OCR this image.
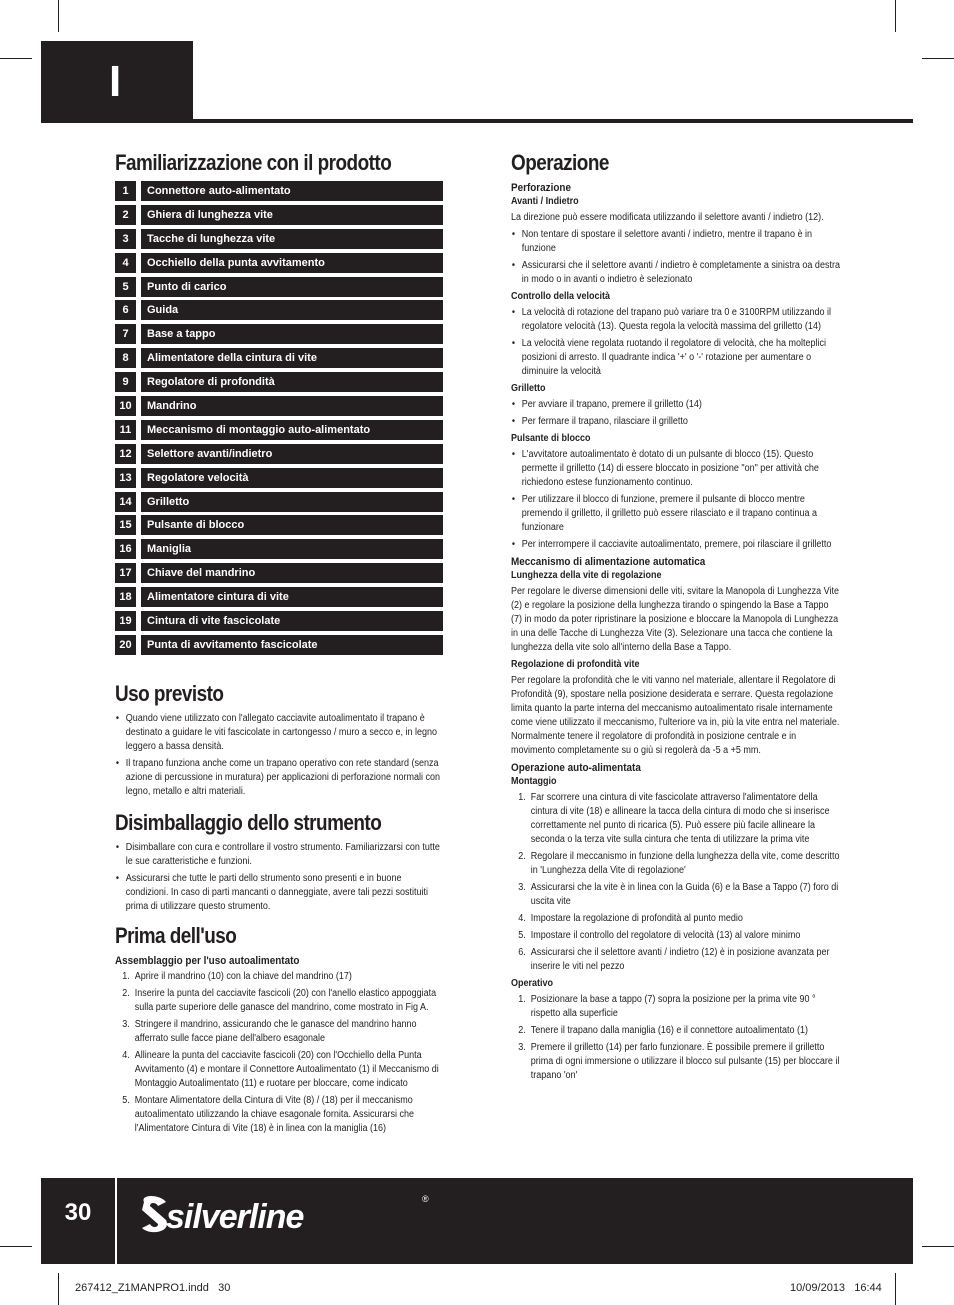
I
Familiarizzazione con il prodotto
1	Connettore auto-alimentato
2	Ghiera di lunghezza vite
3	Tacche di lunghezza vite
4	Occhiello della punta avvitamento
5	Punto di carico
6	Guida
7	Base a tappo
8	Alimentatore della cintura di vite
9	Regolatore di profondità
10	Mandrino
11	Meccanismo di montaggio auto-alimentato
12	Selettore avanti/indietro
13	Regolatore velocità
14	Grilletto
15	Pulsante di blocco
16	Maniglia
17	Chiave del mandrino
18	Alimentatore cintura di vite
19	Cintura di vite fascicolate
20	Punta di avvitamento fascicolate
Uso previsto
• Quando viene utilizzato con l'allegato cacciavite autoalimentato il trapano è destinato a guidare le viti fascicolate in cartongesso / muro a secco e, in legno leggero a bassa densità.
• Il trapano funziona anche come un trapano operativo con rete standard (senza azione di percussione in muratura) per applicazioni di perforazione normali con legno, metallo e altri materiali.
Disimballaggio dello strumento
• Disimballare con cura e controllare il vostro strumento. Familiarizzarsi con tutte le sue caratteristiche e funzioni.
• Assicurarsi che tutte le parti dello strumento sono presenti e in buone condizioni. In caso di parti mancanti o danneggiate, avere tali pezzi sostituiti prima di utilizzare questo strumento.
Prima dell'uso
Assemblaggio per l'uso autoalimentato
1. Aprire il mandrino (10) con la chiave del mandrino (17)
2. Inserire la punta del cacciavite fascicoli (20) con l'anello elastico appoggiata sulla parte superiore delle ganasce del mandrino, come mostrato in Fig A.
3. Stringere il mandrino, assicurando che le ganasce del mandrino hanno afferrato sulle facce piane dell'albero esagonale
4. Allineare la punta del cacciavite fascicoli (20) con l'Occhiello della Punta Avvitamento (4) e montare il Connettore Autoalimentato (1) il Meccanismo di Montaggio Autoalimentato (11) e ruotare per bloccare, come indicato
5. Montare Alimentatore della Cintura di Vite (8) / (18) per il meccanismo autoalimentato utilizzando la chiave esagonale fornita. Assicurarsi che l'Alimentatore Cintura di Vite (18) è in linea con la maniglia (16)
Operazione
Perforazione
Avanti / Indietro
La direzione può essere modificata utilizzando il selettore avanti / indietro (12).
• Non tentare di spostare il selettore avanti / indietro, mentre il trapano è in funzione
• Assicurarsi che il selettore avanti / indietro è completamente a sinistra oa destra in modo o in avanti o indietro è selezionato
Controllo della velocità
• La velocità di rotazione del trapano può variare tra 0 e 3100RPM utilizzando il regolatore velocità (13). Questa regola la velocità massima del grilletto (14)
• La velocità viene regolata ruotando il regolatore di velocità, che ha molteplici posizioni di arresto. Il quadrante indica '+' o '-' rotazione per aumentare o diminuire la velocità
Grilletto
• Per avviare il trapano, premere il grilletto (14)
• Per fermare il trapano, rilasciare il grilletto
Pulsante di blocco
• L'avvitatore autoalimentato è dotato di un pulsante di blocco (15). Questo permette il grilletto (14) di essere bloccato in posizione "on" per attività che richiedono estese funzionamento continuo.
• Per utilizzare il blocco di funzione, premere il pulsante di blocco mentre premendo il grilletto, il grilletto può essere rilasciato e il trapano continua a funzionare
• Per interrompere il cacciavite autoalimentato, premere, poi rilasciare il grilletto
Meccanismo di alimentazione automatica
Lunghezza della vite di regolazione
Per regolare le diverse dimensioni delle viti, svitare la Manopola di Lunghezza Vite (2) e regolare la posizione della lunghezza tirando o spingendo la Base a Tappo (7) in modo da poter ripristinare la posizione e bloccare la Manopola di Lunghezza in una delle Tacche di Lunghezza Vite (3). Selezionare una tacca che contiene la lunghezza della vite solo all'interno della Base a Tappo.
Regolazione di profondità vite
Per regolare la profondità che le viti vanno nel materiale, allentare il Regolatore di Profondità (9), spostare nella posizione desiderata e serrare. Questa regolazione limita quanto la parte interna del meccanismo autoalimentato risale internamente come viene utilizzato il meccanismo, l'ulteriore va in, più la vite entra nel materiale. Normalmente tenere il regolatore di profondità in posizione centrale e in movimento completamente su o giù si regolerà da -5 a +5 mm.
Operazione auto-alimentata
Montaggio
1. Far scorrere una cintura di vite fascicolate attraverso l'alimentatore della cintura di vite (18) e allineare la tacca della cintura di modo che si inserisce correttamente nel punto di ricarica (5). Può essere più facile allineare la seconda o la terza vite sulla cintura che tenta di utilizzare la prima vite
2. Regolare il meccanismo in funzione della lunghezza della vite, come descritto in 'Lunghezza della Vite di regolazione'
3. Assicurarsi che la vite è in linea con la Guida (6) e la Base a Tappo (7) foro di uscita vite
4. Impostare la regolazione di profondità al punto medio
5. Impostare il controllo del regolatore di velocità (13) al valore minimo
6. Assicurarsi che il selettore avanti / indietro (12) è in posizione avanzata per inserire le viti nel pezzo
Operativo
1. Posizionare la base a tappo (7) sopra la posizione per la prima vite 90 ° rispetto alla superficie
2. Tenere il trapano dalla maniglia (16) e il connettore autoalimentato (1)
3. Premere il grilletto (14) per farlo funzionare. È possibile premere il grilletto prima di ogni immersione o utilizzare il blocco sul pulsante (15) per bloccare il trapano 'on'
30	silverline	®
267412_Z1MANPRO1.indd   30	10/09/2013   16:44
